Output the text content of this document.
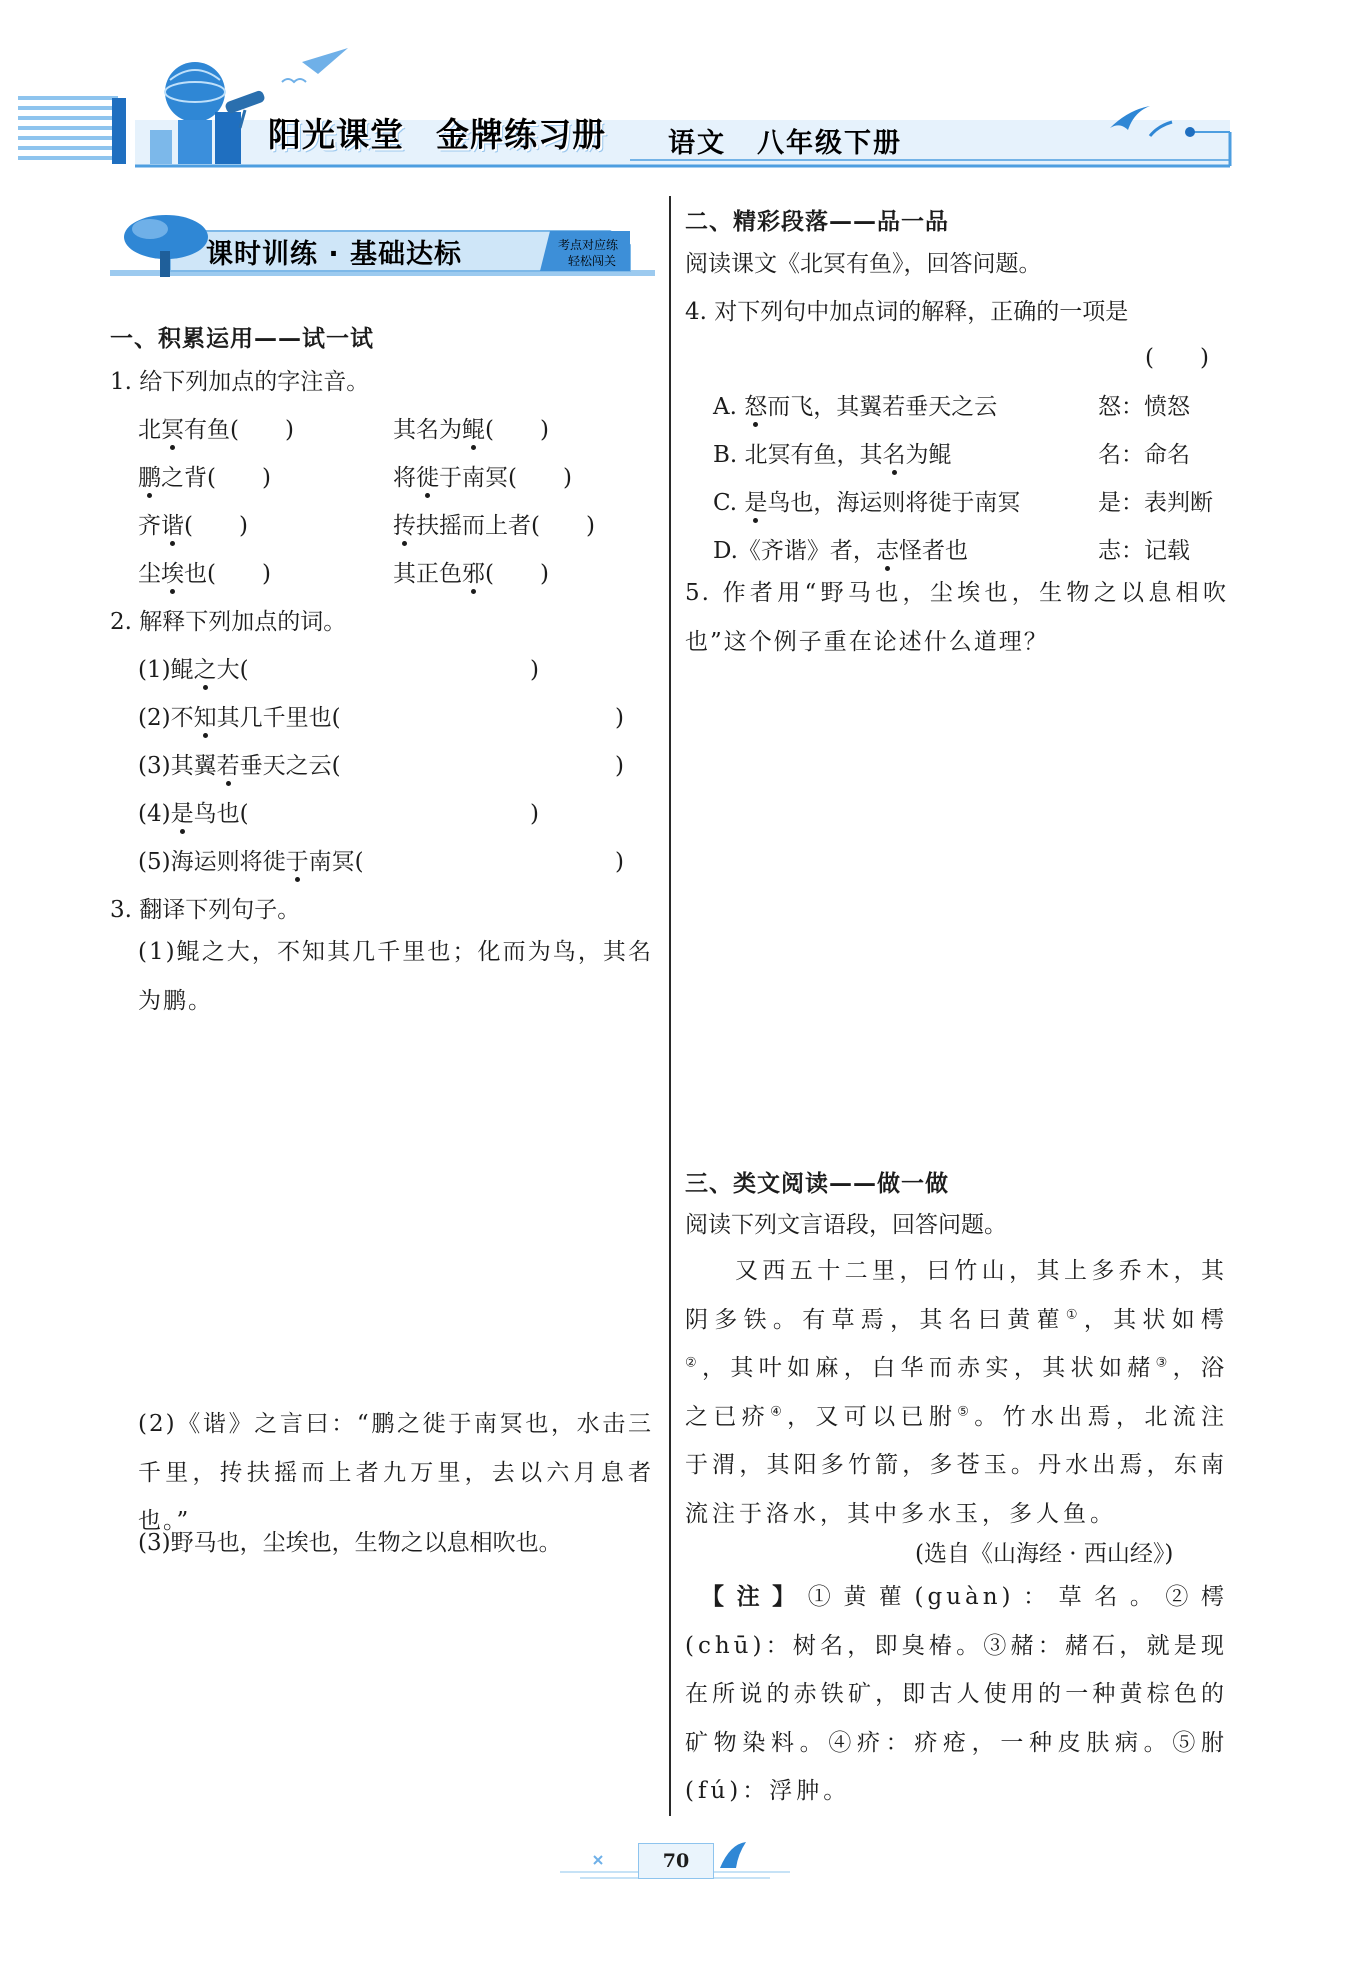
阳光课堂 金牌练习册 语文 八年级下册
课时训练 · 基础达标	考点对应练
轻松闯关
一、积累运用——试一试
1. 给下列加点的字注音。
北冥有鱼(　　)	其名为鲲(　　)
鹏之背(　　)	将徙于南冥(　　)
齐谐(　　)	抟扶摇而上者(　　)
尘埃也(　　)	其正色邪(　　)
2. 解释下列加点的词。
(1)鲲之大(	)
(2)不知其几千里也(	)
(3)其翼若垂天之云(	)
(4)是鸟也(	)
(5)海运则将徙于南冥(	)
3. 翻译下列句子。
(1)鲲之大，不知其几千里也；化而为鸟，其名为鹏。
(2)《谐》之言曰：“鹏之徙于南冥也，水击三千里，抟扶摇而上者九万里，去以六月息者也。”
(3)野马也，尘埃也，生物之以息相吹也。
二、精彩段落——品一品
阅读课文《北冥有鱼》，回答问题。
4. 对下列句中加点词的解释，正确的一项是
(　　)
A. 怒而飞，其翼若垂天之云	怒：愤怒
B. 北冥有鱼，其名为鲲	名：命名
C. 是鸟也，海运则将徙于南冥	是：表判断
D.《齐谐》者，志怪者也	志：记载
5. 作者用“野马也，尘埃也，生物之以息相吹也”这个例子重在论述什么道理？
三、类文阅读——做一做
阅读下列文言语段，回答问题。
又西五十二里，曰竹山，其上多乔木，其阴多铁。有草焉，其名曰黄雚①，其状如樗②，其叶如麻，白华而赤实，其状如赭③，浴之已疥④，又可以已胕⑤。竹水出焉，北流注于渭，其阳多竹箭，多苍玉。丹水出焉，东南流注于洛水，其中多水玉，多人鱼。
(选自《山海经 · 西山经》)
【注】①黄雚(guàn)：草名。②樗(chū)：树名，即臭椿。③赭：赭石，就是现在所说的赤铁矿，即古人使用的一种黄棕色的矿物染料。④疥：疥疮，一种皮肤病。⑤胕(fú)：浮肿。
70
